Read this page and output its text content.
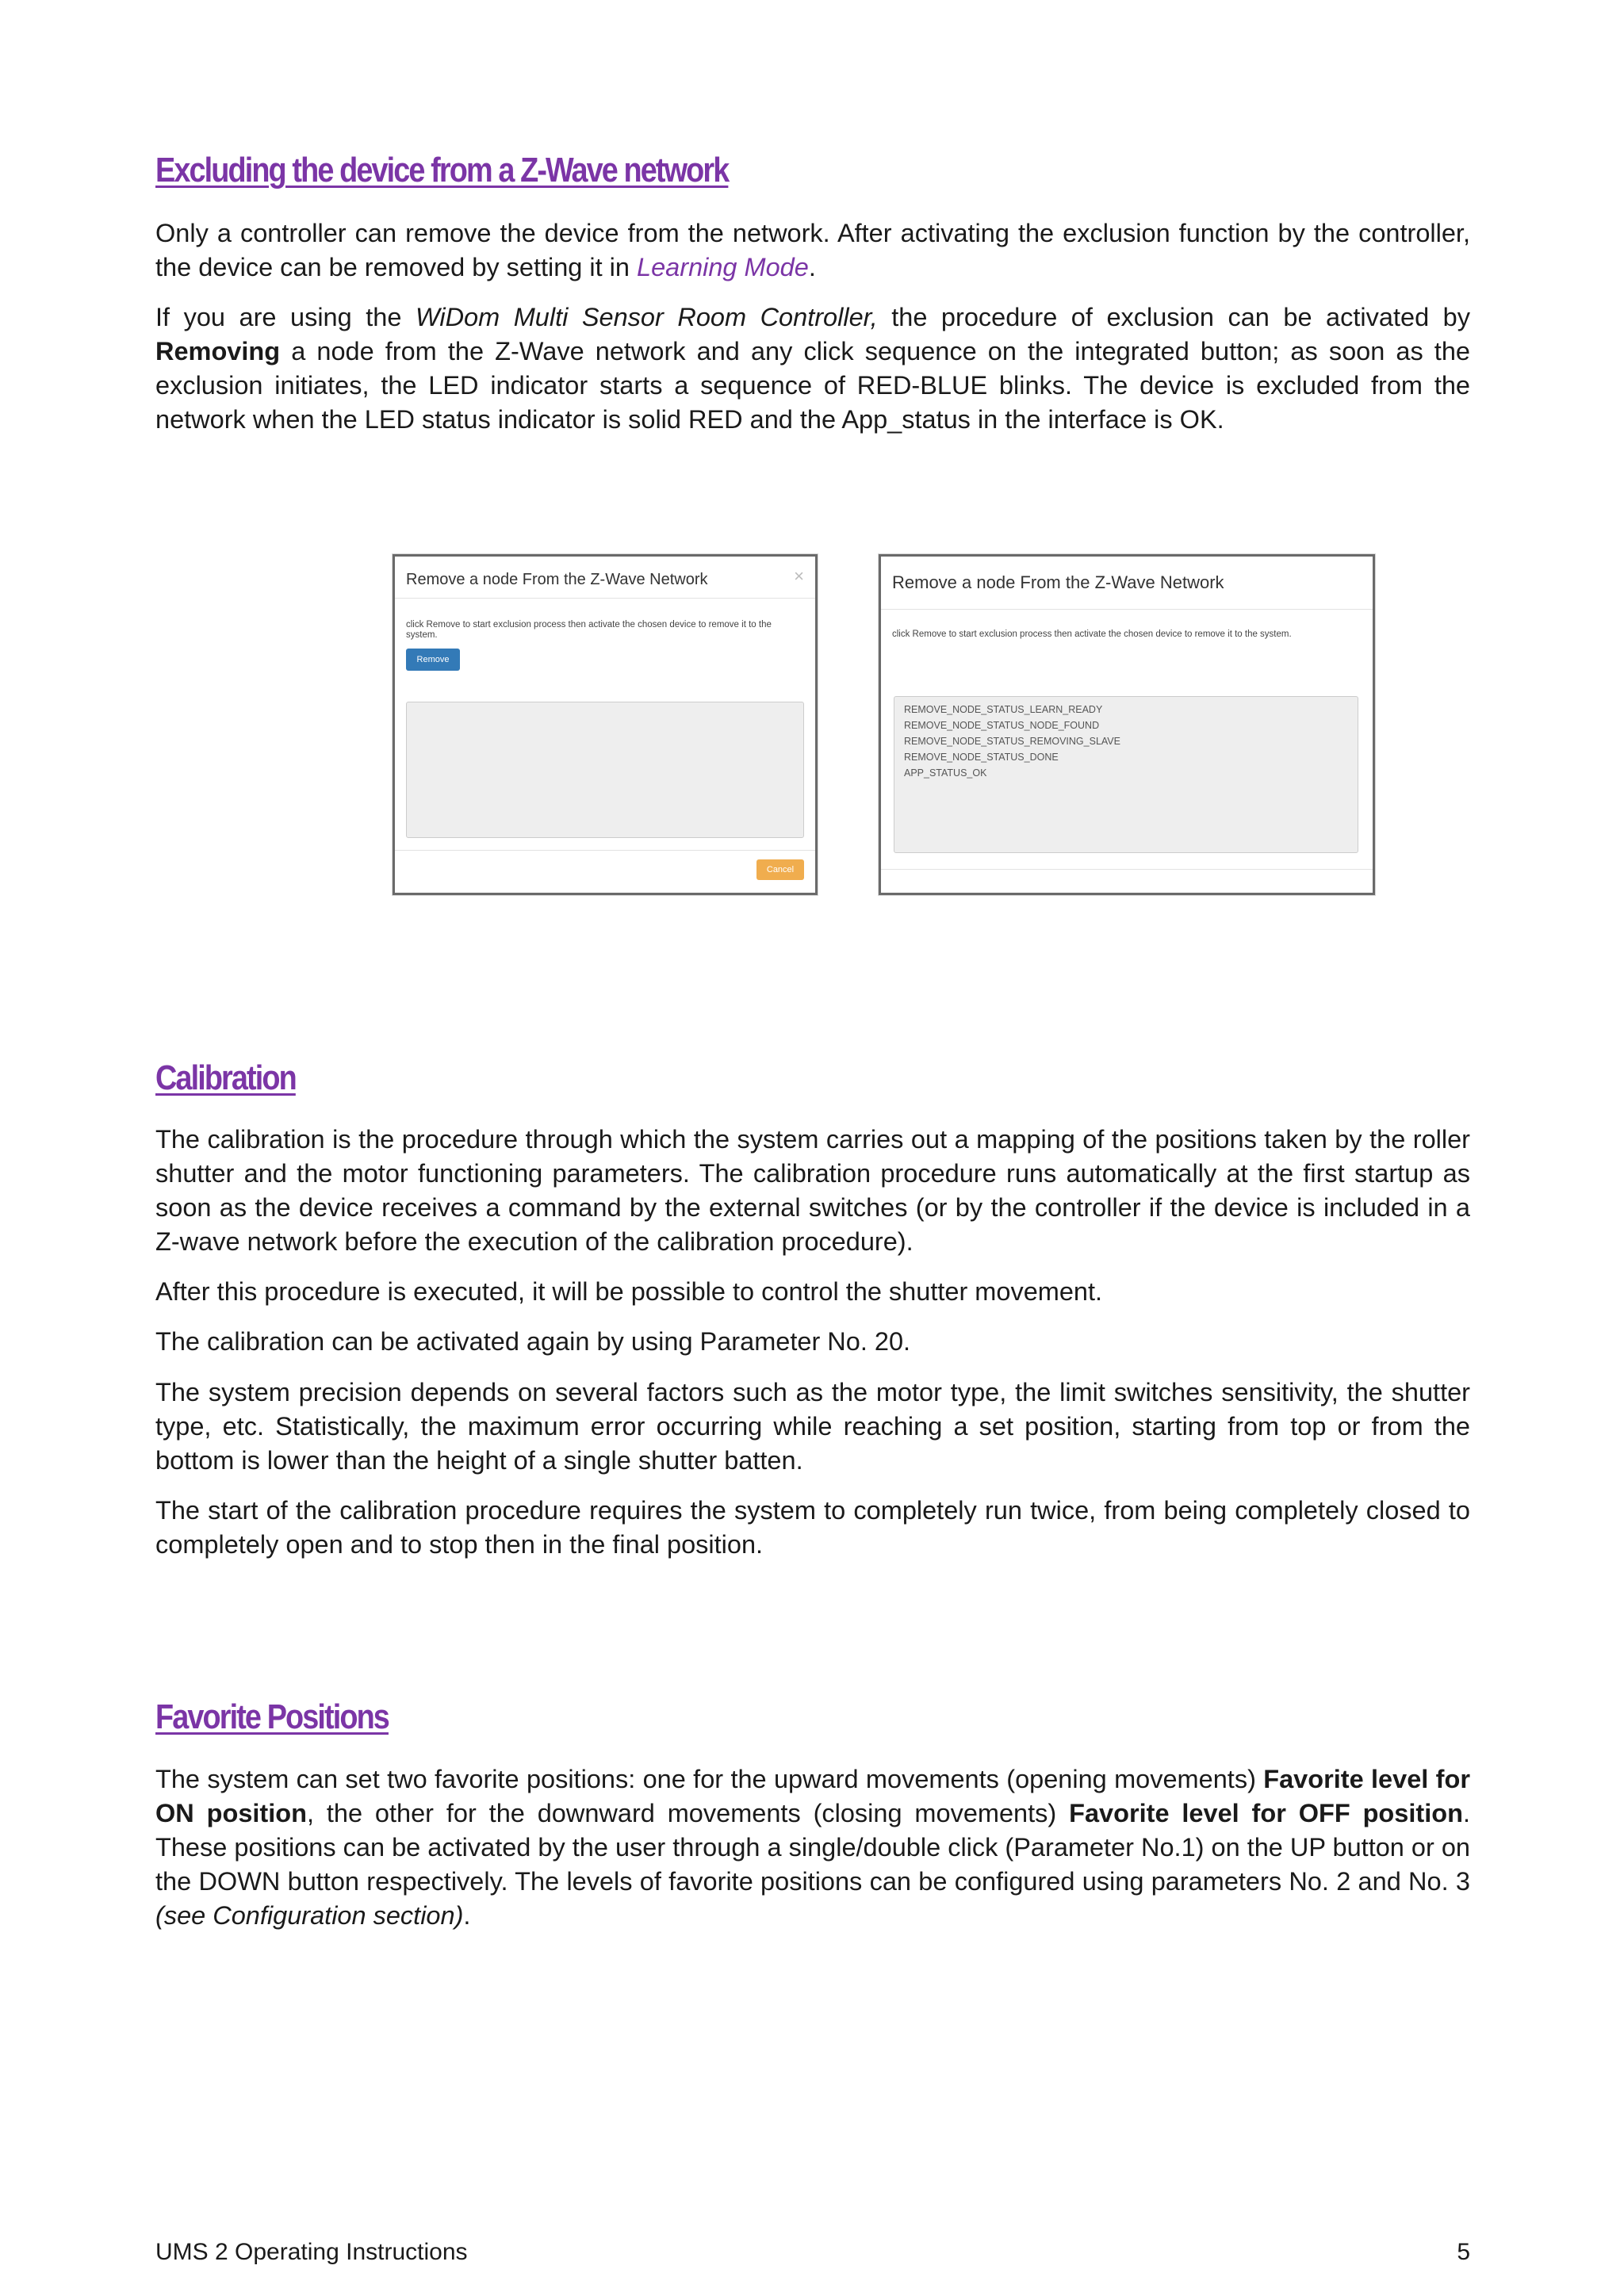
Excluding the device from a Z-Wave network

Only a controller can remove the device from the network. After activating the exclusion function by the controller, the device can be removed by setting it in Learning Mode.

If you are using the WiDom Multi Sensor Room Controller, the procedure of exclusion can be activated by Removing a node from the Z-Wave network and any click sequence on the integrated button; as soon as the exclusion initiates, the LED indicator starts a sequence of RED-BLUE blinks. The device is excluded from the network when the LED status indicator is solid RED and the App_status in the interface is OK.

Remove a node From the Z-Wave Network	×
click Remove to start exclusion process then activate the chosen device to remove it to the system.
Remove
Cancel
Remove a node From the Z-Wave Network
click Remove to start exclusion process then activate the chosen device to remove it to the system.
REMOVE_NODE_STATUS_LEARN_READY
REMOVE_NODE_STATUS_NODE_FOUND
REMOVE_NODE_STATUS_REMOVING_SLAVE
REMOVE_NODE_STATUS_DONE
APP_STATUS_OK
Calibration

The calibration is the procedure through which the system carries out a mapping of the positions taken by the roller shutter and the motor functioning parameters. The calibration procedure runs automatically at the first startup as soon as the device receives a command by the external switches (or by the controller if the device is included in a Z-wave network before the execution of the calibration procedure).

After this procedure is executed, it will be possible to control the shutter movement.

The calibration can be activated again by using Parameter No. 20.

The system precision depends on several factors such as the motor type, the limit switches sensitivity, the shutter type, etc. Statistically, the maximum error occurring while reaching a set position, starting from top or from the bottom is lower than the height of a single shutter batten.

The start of the calibration procedure requires the system to completely run twice, from being completely closed to completely open and to stop then in the final position.

Favorite Positions

The system can set two favorite positions: one for the upward movements (opening movements) Favorite level for ON position, the other for the downward movements (closing movements) Favorite level for OFF position. These positions can be activated by the user through a single/double click (Parameter No.1) on the UP button or on the DOWN button respectively. The levels of favorite positions can be configured using parameters No. 2 and No. 3 (see Configuration section).

UMS 2 Operating Instructions	5
